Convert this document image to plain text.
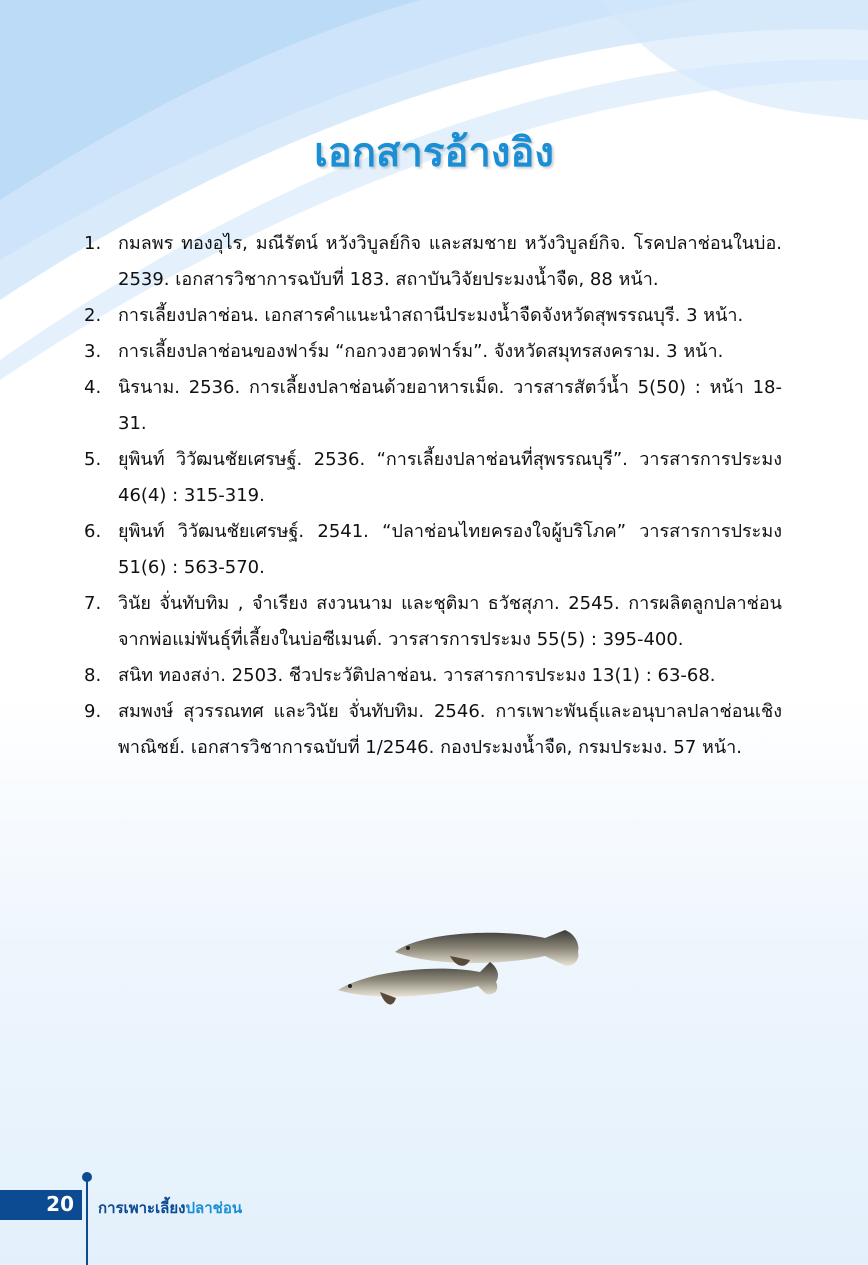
เอกสารอ้างอิง
1. กมลพร ทองอุไร, มณีรัตน์ หวังวิบูลย์กิจ และสมชาย หวังวิบูลย์กิจ. โรคปลาช่อนในบ่อ. 2539. เอกสารวิชาการฉบับที่ 183. สถาบันวิจัยประมงน้ำจืด, 88 หน้า.
2. การเลี้ยงปลาช่อน. เอกสารคำแนะนำสถานีประมงน้ำจืดจังหวัดสุพรรณบุรี. 3 หน้า.
3. การเลี้ยงปลาช่อนของฟาร์ม “กอกวงฮวดฟาร์ม”. จังหวัดสมุทรสงคราม. 3 หน้า.
4. นิรนาม. 2536. การเลี้ยงปลาช่อนด้วยอาหารเม็ด. วารสารสัตว์น้ำ 5(50) : หน้า 18-31.
5. ยุพินท์ วิวัฒนชัยเศรษฐ์. 2536. “การเลี้ยงปลาช่อนที่สุพรรณบุรี”. วารสารการประมง 46(4) : 315-319.
6. ยุพินท์ วิวัฒนชัยเศรษฐ์. 2541. “ปลาช่อนไทยครองใจผู้บริโภค” วารสารการประมง 51(6) : 563-570.
7. วินัย จั่นทับทิม , จำเรียง สงวนนาม และชุติมา ธวัชสุภา. 2545. การผลิตลูกปลาช่อน จากพ่อแม่พันธุ์ที่เลี้ยงในบ่อซีเมนต์. วารสารการประมง 55(5) : 395-400.
8. สนิท ทองสง่า. 2503. ชีวประวัติปลาช่อน. วารสารการประมง 13(1) : 63-68.
9. สมพงษ์ สุวรรณทศ และวินัย จั่นทับทิม. 2546. การเพาะพันธุ์และอนุบาลปลาช่อนเชิงพาณิชย์. เอกสารวิชาการฉบับที่ 1/2546. กองประมงน้ำจืด, กรมประมง. 57 หน้า.
20 การเพาะเลี้ยงปลาช่อน
